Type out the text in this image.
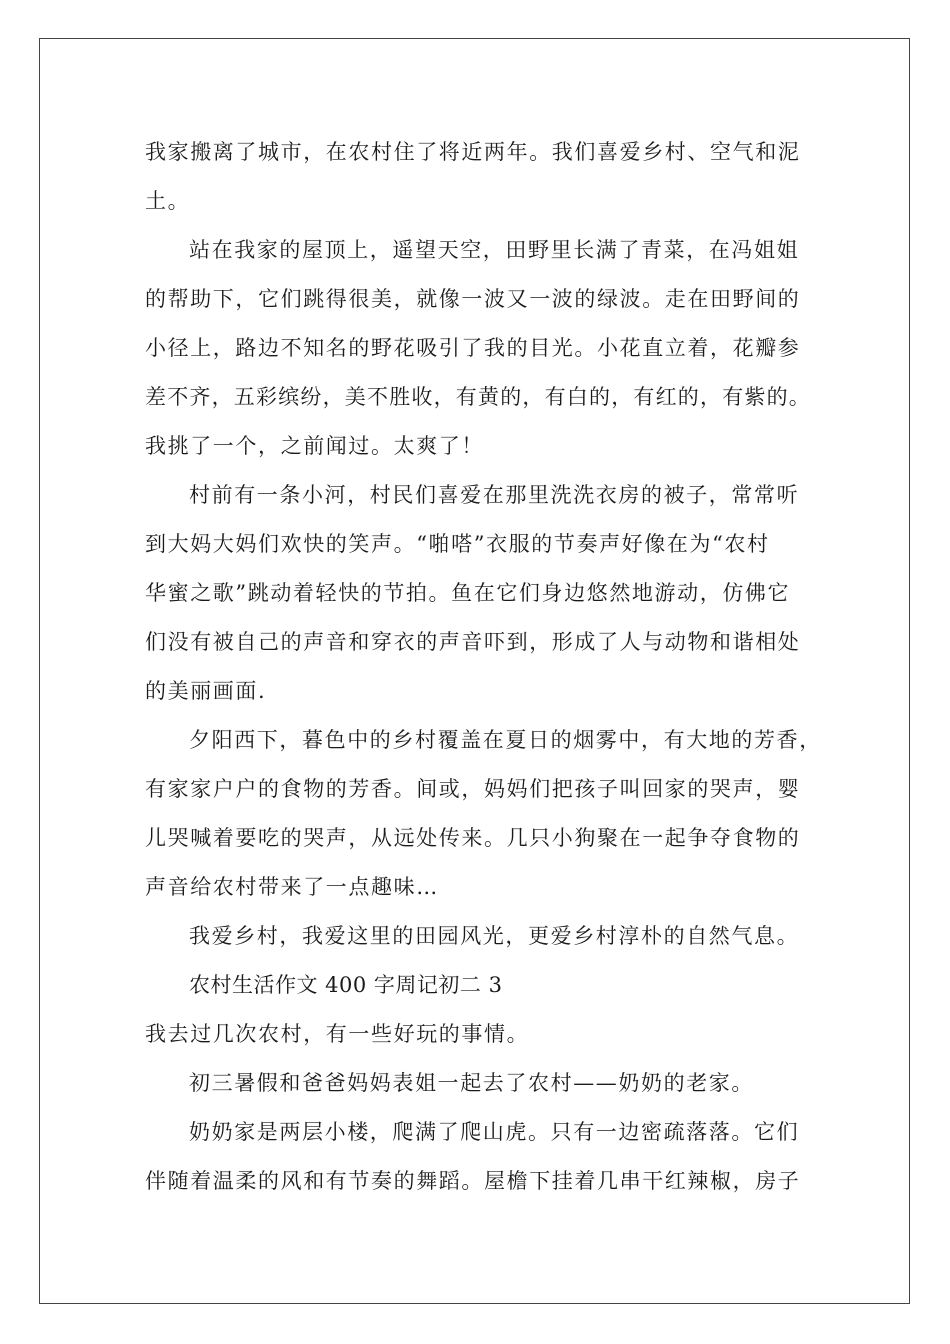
我家搬离了城市，在农村住了将近两年。我们喜爱乡村、空气和泥
土。
站在我家的屋顶上，遥望天空，田野里长满了青菜，在冯姐姐
的帮助下，它们跳得很美，就像一波又一波的绿波。走在田野间的
小径上，路边不知名的野花吸引了我的目光。小花直立着，花瓣参
差不齐，五彩缤纷，美不胜收，有黄的，有白的，有红的，有紫的。
我挑了一个，之前闻过。太爽了！
村前有一条小河，村民们喜爱在那里洗洗衣房的被子，常常听
到大妈大妈们欢快的笑声。“啪嗒”衣服的节奏声好像在为“农村
华蜜之歌”跳动着轻快的节拍。鱼在它们身边悠然地游动，仿佛它
们没有被自己的声音和穿衣的声音吓到，形成了人与动物和谐相处
的美丽画面.
夕阳西下，暮色中的乡村覆盖在夏日的烟雾中，有大地的芳香，
有家家户户的食物的芳香。间或，妈妈们把孩子叫回家的哭声，婴
儿哭喊着要吃的哭声，从远处传来。几只小狗聚在一起争夺食物的
声音给农村带来了一点趣味…
我爱乡村，我爱这里的田园风光，更爱乡村淳朴的自然气息。
农村生活作文 400 字周记初二 3
我去过几次农村，有一些好玩的事情。
初三暑假和爸爸妈妈表姐一起去了农村——奶奶的老家。
奶奶家是两层小楼，爬满了爬山虎。只有一边密疏落落。它们
伴随着温柔的风和有节奏的舞蹈。屋檐下挂着几串干红辣椒，房子
